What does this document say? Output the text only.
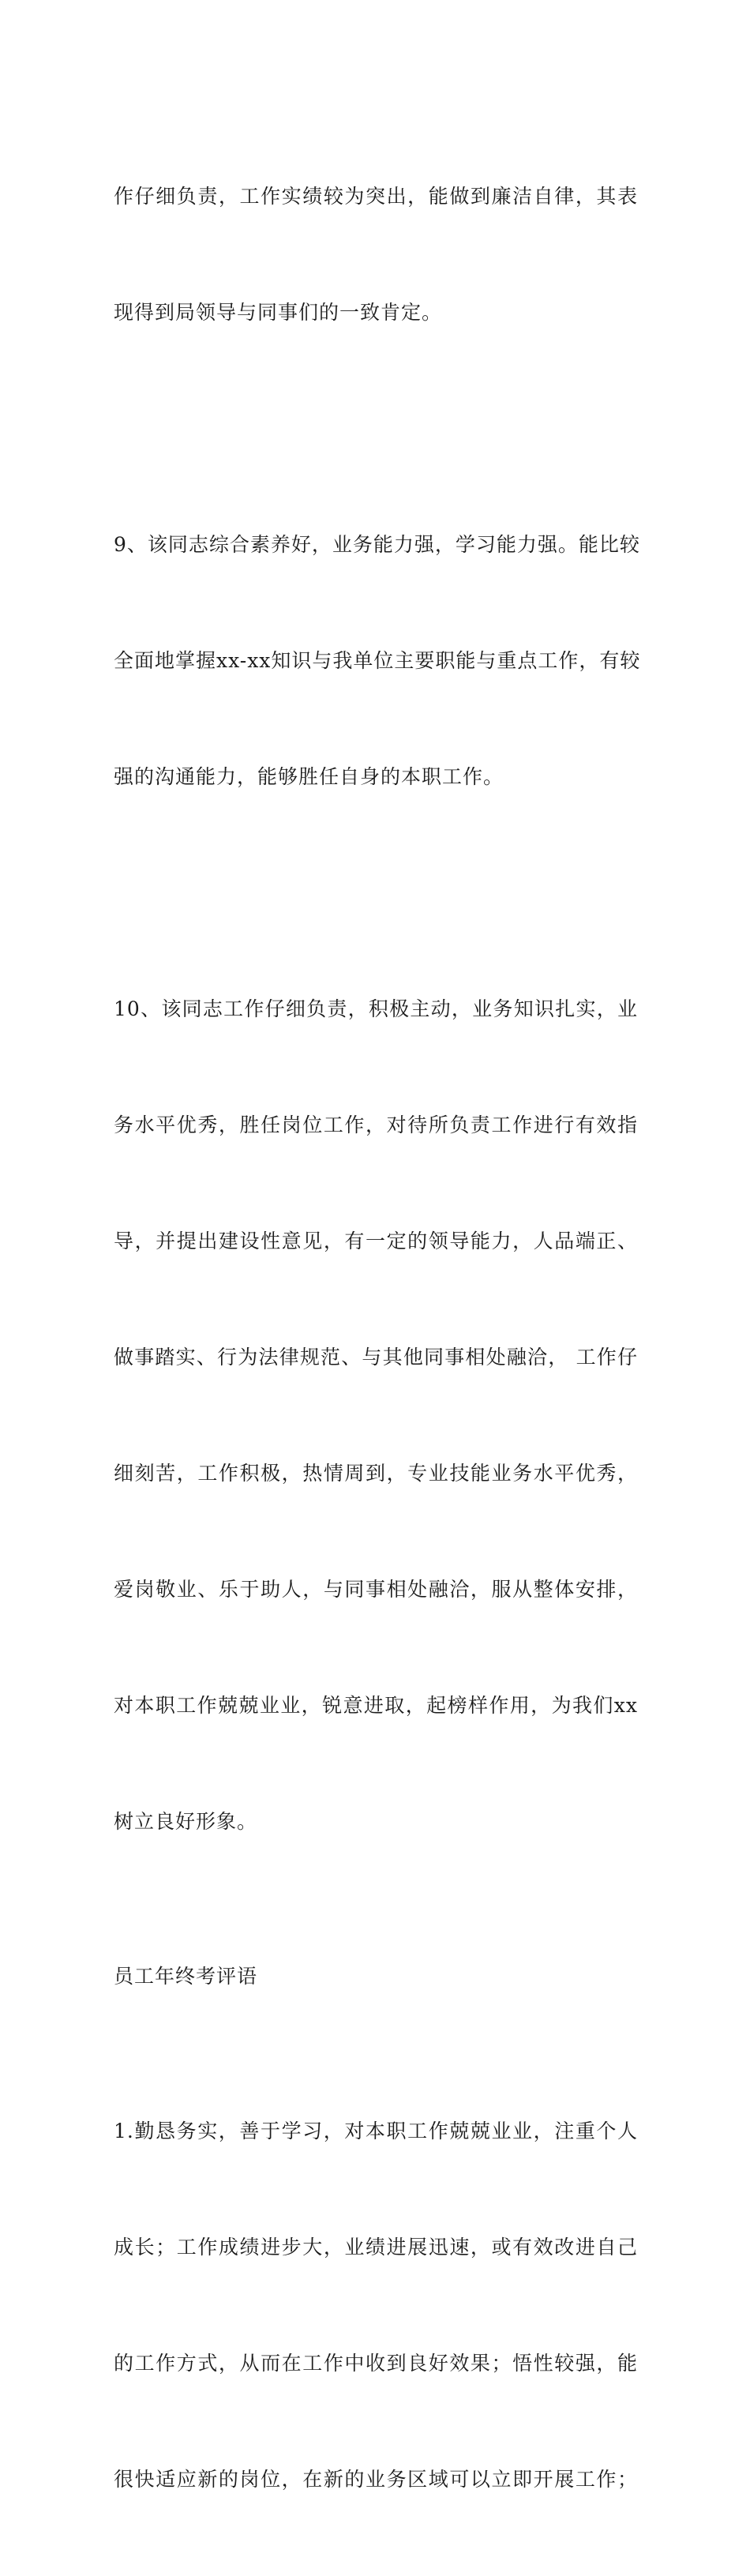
作仔细负责，工作实绩较为突出，能做到廉洁自律，其表

现得到局领导与同事们的一致肯定。

9、该同志综合素养好，业务能力强，学习能力强。能比较

全面地掌握xx-xx知识与我单位主要职能与重点工作，有较

强的沟通能力，能够胜任自身的本职工作。

10、该同志工作仔细负责，积极主动，业务知识扎实，业

务水平优秀，胜任岗位工作，对待所负责工作进行有效指

导，并提出建设性意见，有一定的领导能力，人品端正、

做事踏实、行为法律规范、与其他同事相处融洽， 工作仔

细刻苦，工作积极，热情周到，专业技能业务水平优秀，

爱岗敬业、乐于助人，与同事相处融洽，服从整体安排，

对本职工作兢兢业业，锐意进取，起榜样作用，为我们xx

树立良好形象。

员工年终考评语

1.勤恳务实，善于学习，对本职工作兢兢业业，注重个人

成长；工作成绩进步大，业绩进展迅速，或有效改进自己

的工作方式，从而在工作中收到良好效果；悟性较强，能

很快适应新的岗位，在新的业务区域可以立即开展工作；
